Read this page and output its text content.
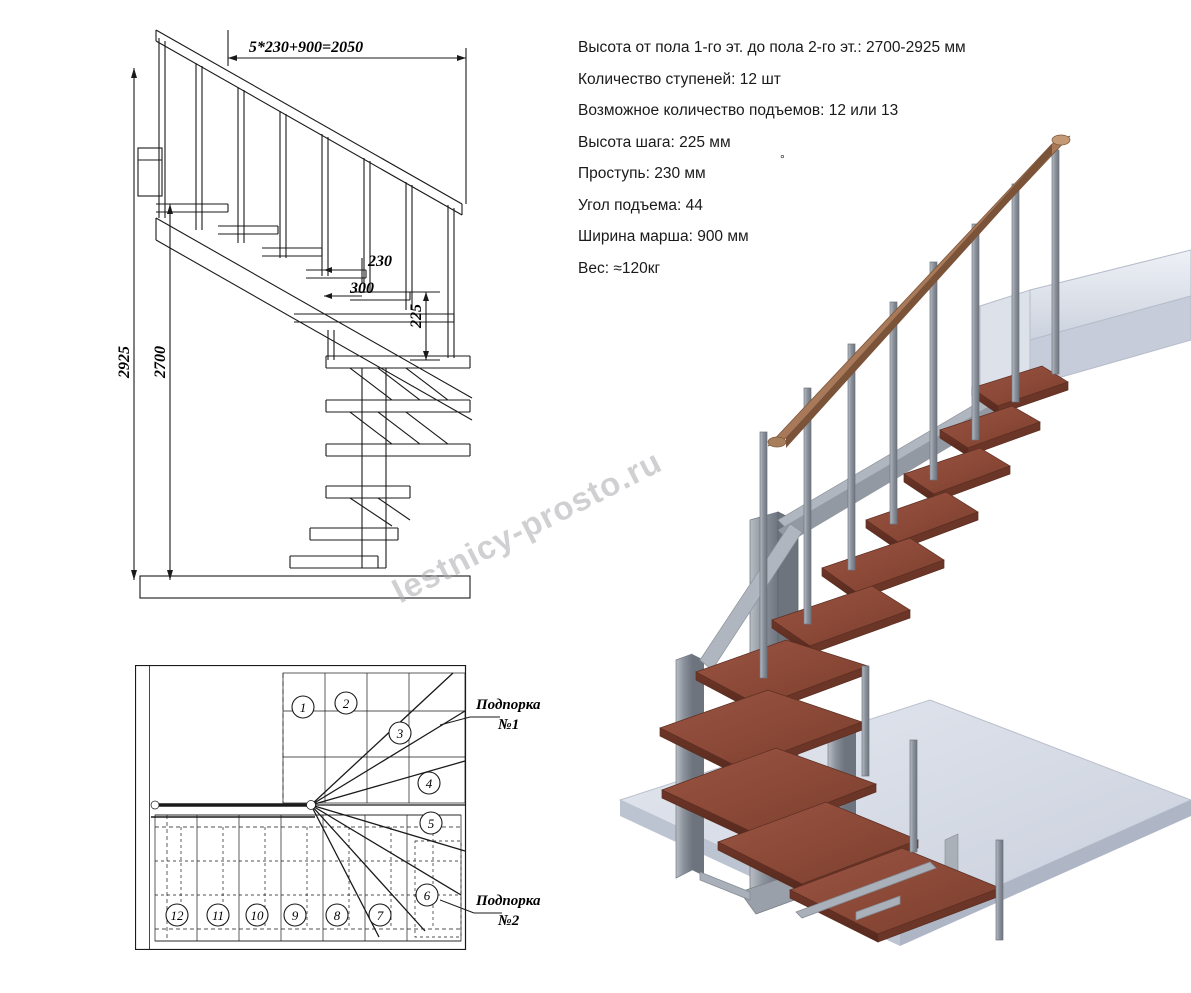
Высота от пола 1-го эт. до пола 2-го эт.: 2700-2925 мм
Количество ступеней: 12 шт
Возможное количество подъемов: 12 или 13
Высота шага: 225 мм
Проступь: 230 мм
Угол подъема: 44
Ширина марша: 900 мм
Вес: ≈120кг
°
5*230+900=2050
230
300
225
2925 2700
1	2
3
4
5
6
7
8
9
10
11
12
Подпорка
№1
Подпорка
№2
lestnicy-prosto.ru
